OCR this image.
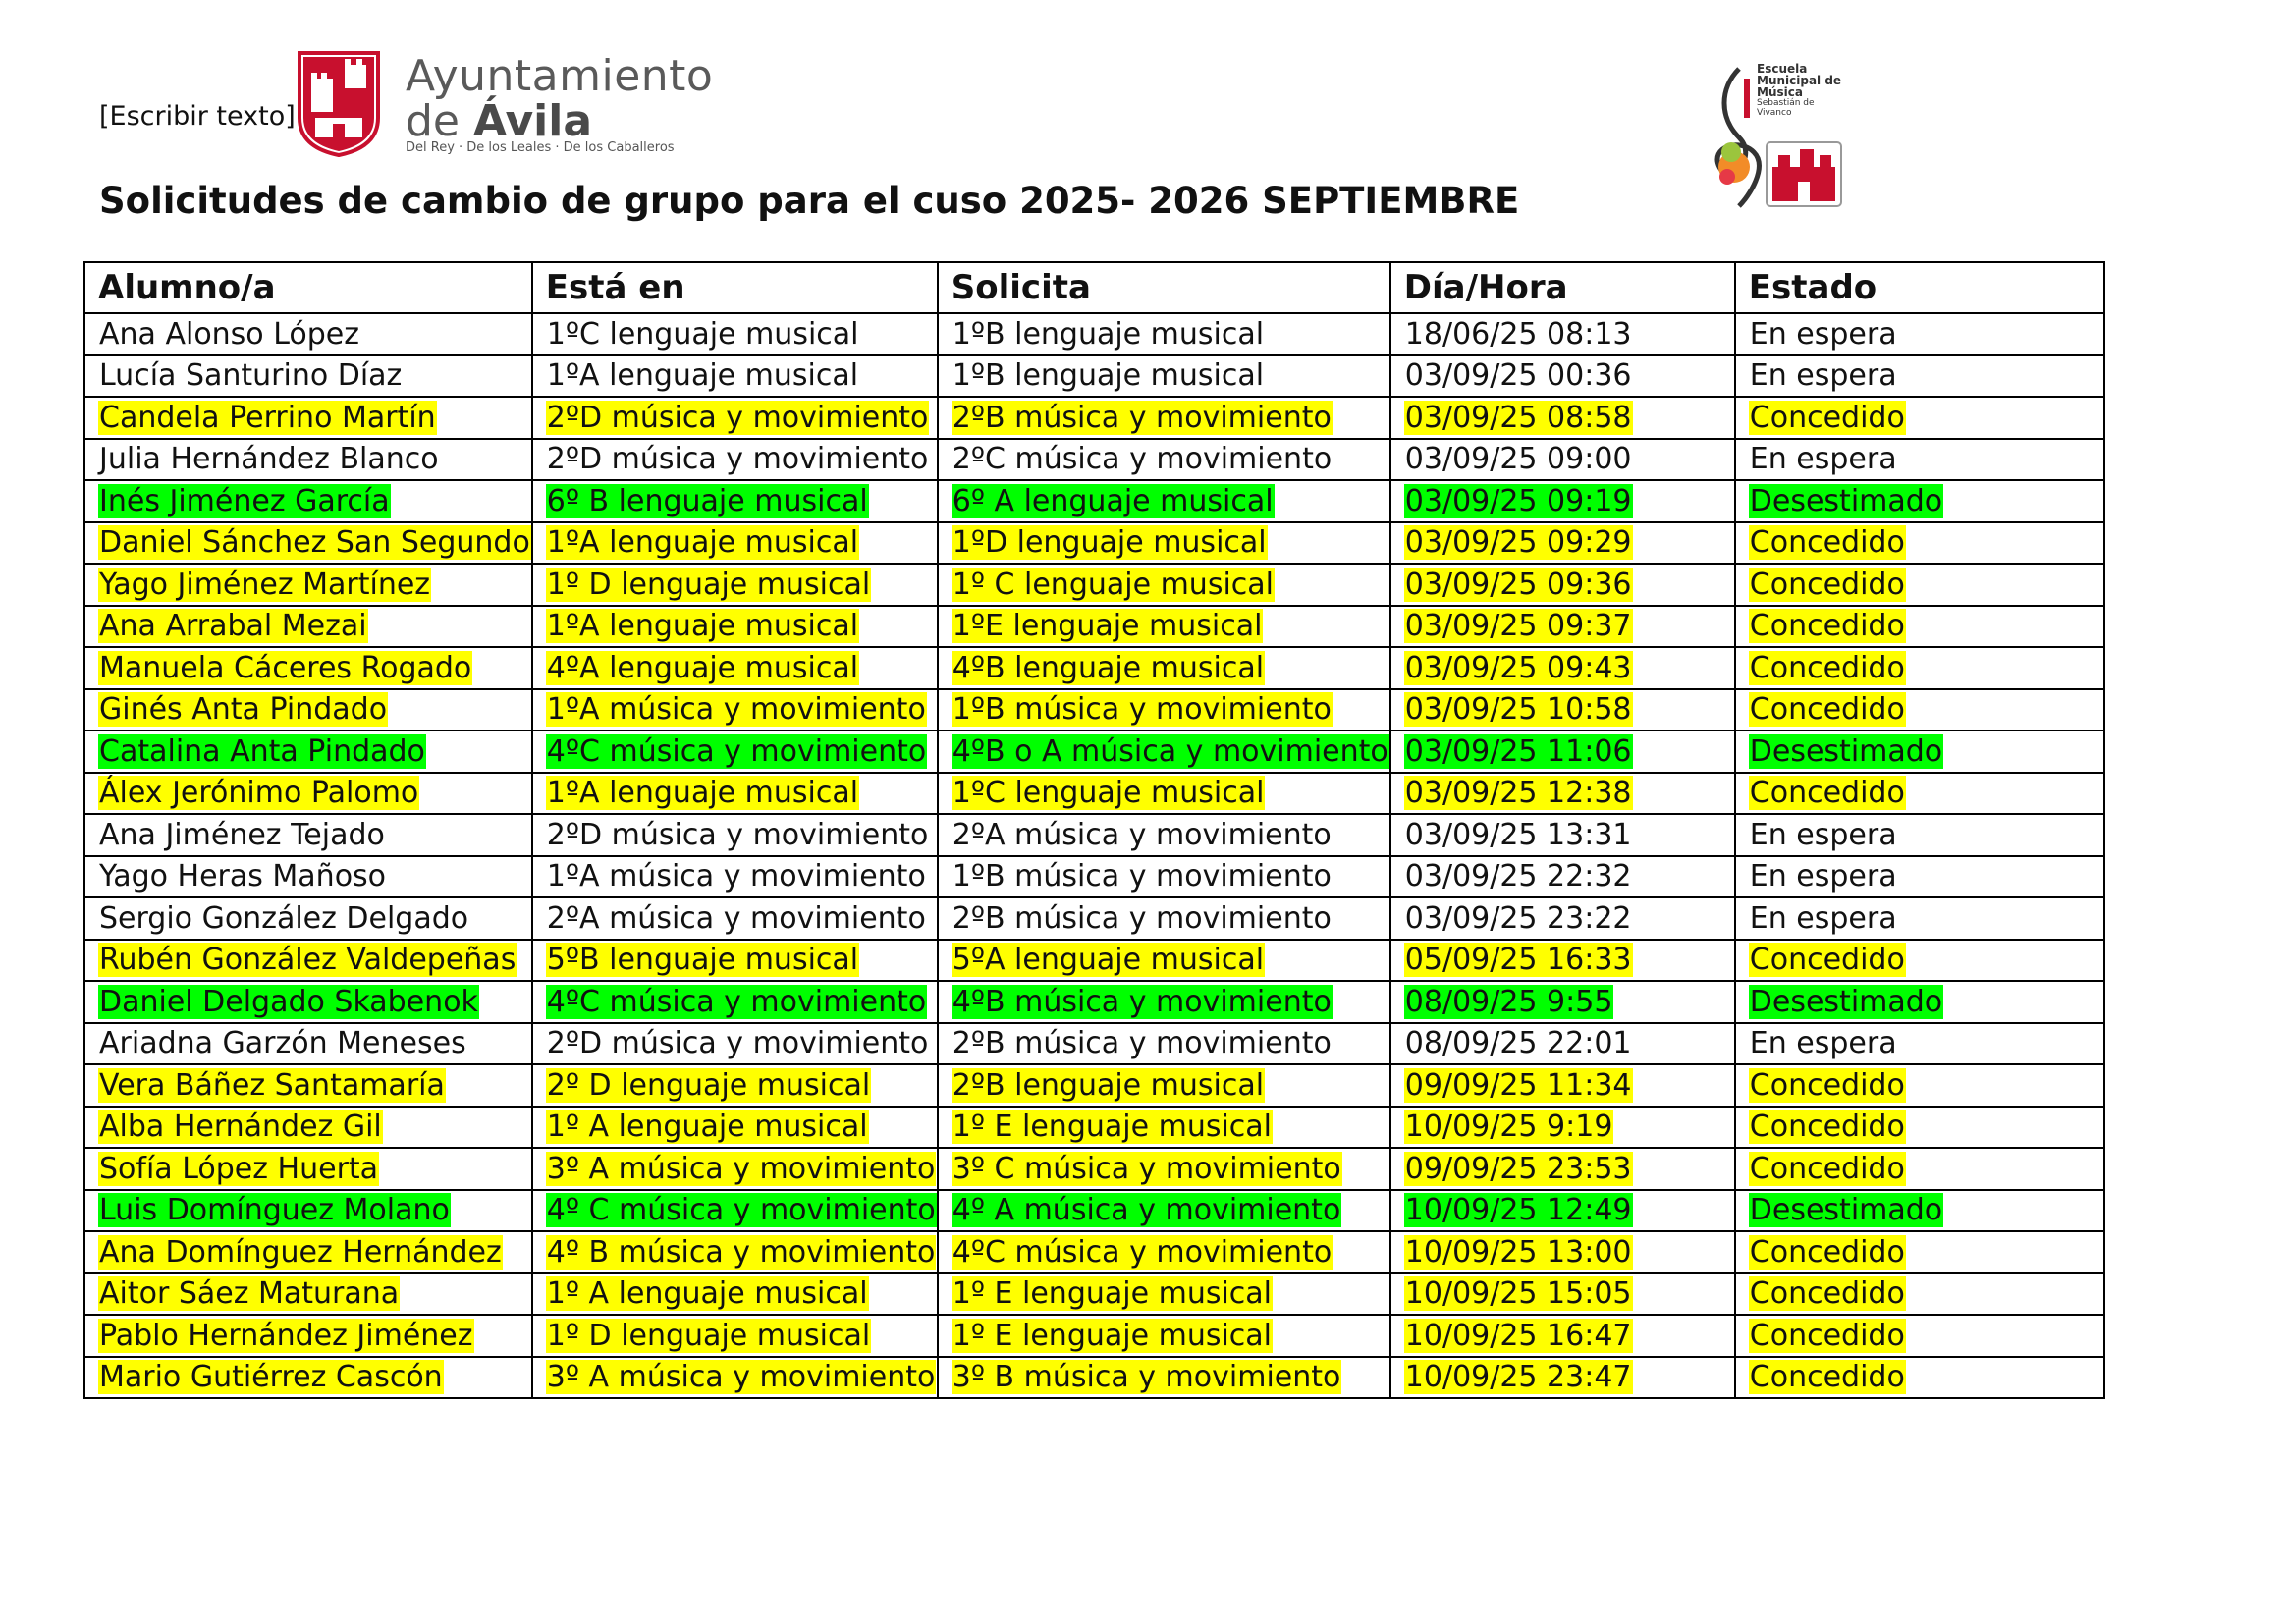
[Escribir texto]
Ayuntamiento
de Ávila
Del Rey · De los Leales · De los Caballeros
Escuela
Municipal de
Música
Sebastián de
Vivanco
Solicitudes de cambio de grupo para el cuso 2025- 2026 SEPTIEMBRE
Alumno/a	Está en	Solicita	Día/Hora	Estado
Ana Alonso López	1ºC lenguaje musical	1ºB lenguaje musical	18/06/25 08:13	En espera
Lucía Santurino Díaz	1ºA lenguaje musical	1ºB lenguaje musical	03/09/25 00:36	En espera
Candela Perrino Martín	2ºD música y movimiento	2ºB música y movimiento	03/09/25 08:58	Concedido
Julia Hernández Blanco	2ºD música y movimiento	2ºC música y movimiento	03/09/25 09:00	En espera
Inés Jiménez García	6º B lenguaje musical	6º A lenguaje musical	03/09/25 09:19	Desestimado
Daniel Sánchez San Segundo	1ºA lenguaje musical	1ºD lenguaje musical	03/09/25 09:29	Concedido
Yago Jiménez Martínez	1º D lenguaje musical	1º C lenguaje musical	03/09/25 09:36	Concedido
Ana Arrabal Mezai	1ºA lenguaje musical	1ºE lenguaje musical	03/09/25 09:37	Concedido
Manuela Cáceres Rogado	4ºA lenguaje musical	4ºB lenguaje musical	03/09/25 09:43	Concedido
Ginés Anta Pindado	1ºA música y movimiento	1ºB música y movimiento	03/09/25 10:58	Concedido
Catalina Anta Pindado	4ºC música y movimiento	4ºB o A música y movimiento	03/09/25 11:06	Desestimado
Álex Jerónimo Palomo	1ºA lenguaje musical	1ºC lenguaje musical	03/09/25 12:38	Concedido
Ana Jiménez Tejado	2ºD música y movimiento	2ºA música y movimiento	03/09/25 13:31	En espera
Yago Heras Mañoso	1ºA música y movimiento	1ºB música y movimiento	03/09/25 22:32	En espera
Sergio González Delgado	2ºA música y movimiento	2ºB música y movimiento	03/09/25 23:22	En espera
Rubén González Valdepeñas	5ºB lenguaje musical	5ºA lenguaje musical	05/09/25 16:33	Concedido
Daniel Delgado Skabenok	4ºC música y movimiento	4ºB música y movimiento	08/09/25 9:55	Desestimado
Ariadna Garzón Meneses	2ºD música y movimiento	2ºB música y movimiento	08/09/25 22:01	En espera
Vera Báñez Santamaría	2º D lenguaje musical	2ºB lenguaje musical	09/09/25 11:34	Concedido
Alba Hernández Gil	1º A lenguaje musical	1º E lenguaje musical	10/09/25 9:19	Concedido
Sofía López Huerta	3º A música y movimiento	3º C música y movimiento	09/09/25 23:53	Concedido
Luis Domínguez Molano	4º C música y movimiento	4º A música y movimiento	10/09/25 12:49	Desestimado
Ana Domínguez Hernández	4º B música y movimiento	4ºC música y movimiento	10/09/25 13:00	Concedido
Aitor Sáez Maturana	1º A lenguaje musical	1º E lenguaje musical	10/09/25 15:05	Concedido
Pablo Hernández Jiménez	1º D lenguaje musical	1º E lenguaje musical	10/09/25 16:47	Concedido
Mario Gutiérrez Cascón	3º A música y movimiento	3º B música y movimiento	10/09/25 23:47	Concedido
